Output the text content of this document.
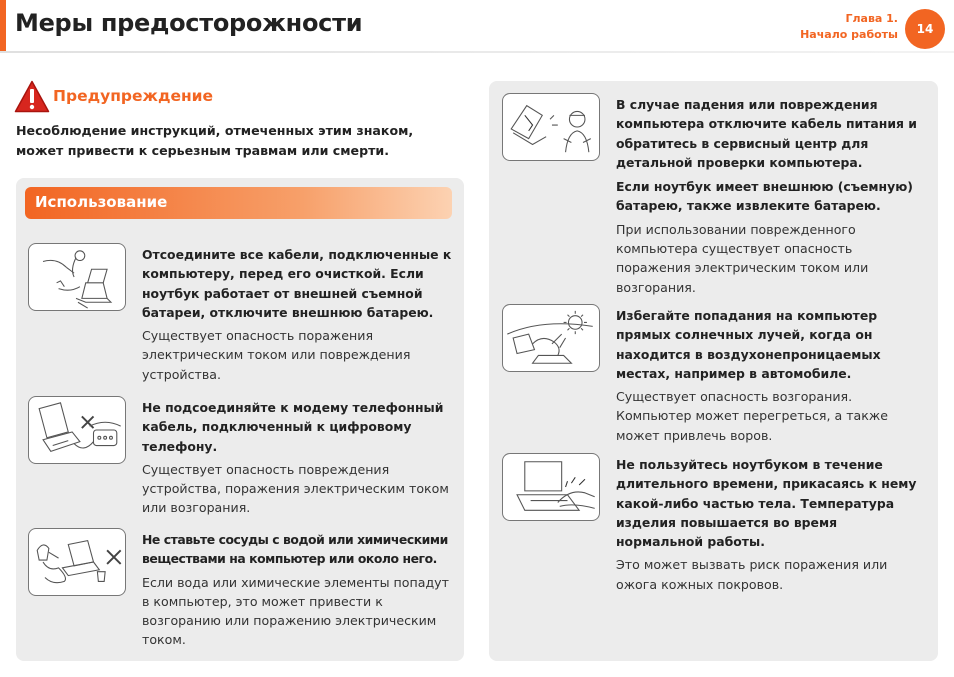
Меры предосторожности	Глава 1.
Начало работы	14
Предупреждение
Несоблюдение инструкций, отмеченных этим знаком, может привести к серьезным травмам или смерти.
Использование
Отсоедините все кабели, подключенные к компьютеру, перед его очисткой. Если ноутбук работает от внешней съемной батареи, отключите внешнюю батарею.
Существует опасность поражения электрическим током или повреждения устройства.
Не подсоединяйте к модему телефонный кабель, подключенный к цифровому телефону.
Существует опасность повреждения устройства, поражения электрическим током или возгорания.
Не ставьте сосуды с водой или химическими веществами на компьютер или около него.
Если вода или химические элементы попадут в компьютер, это может привести к возгоранию или поражению электрическим током.
В случае падения или повреждения компьютера отключите кабель питания и обратитесь в сервисный центр для детальной проверки компьютера.
Если ноутбук имеет внешнюю (съемную) батарею, также извлеките батарею.
При использовании поврежденного компьютера существует опасность поражения электрическим током или возгорания.
Избегайте попадания на компьютер прямых солнечных лучей, когда он находится в воздухонепроницаемых местах, например в автомобиле.
Существует опасность возгорания. Компьютер может перегреться, а также может привлечь воров.
Не пользуйтесь ноутбуком в течение длительного времени, прикасаясь к нему какой-либо частью тела. Температура изделия повышается во время нормальной работы.
Это может вызвать риск поражения или ожога кожных покровов.
